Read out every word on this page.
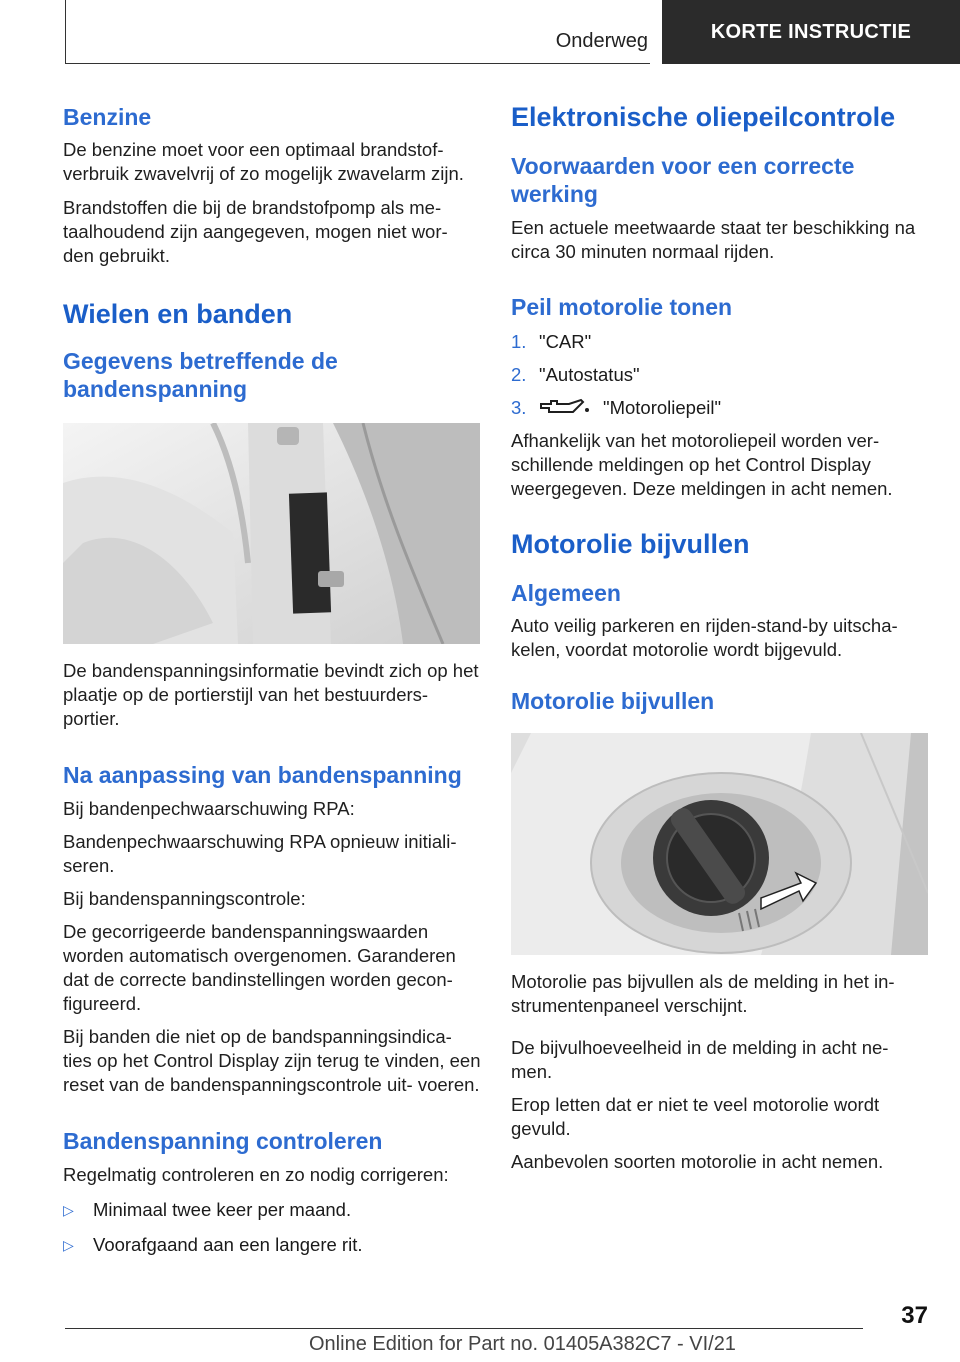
Onderweg	KORTE INSTRUCTIE
Benzine

De benzine moet voor een optimaal brandstof- verbruik zwavelvrij of zo mogelijk zwavelarm zijn.

Brandstoffen die bij de brandstofpomp als me- taalhoudend zijn aangegeven, mogen niet wor- den gebruikt.

Wielen en banden
Gegevens betreffende de bandenspanning

De bandenspanningsinformatie bevindt zich op het plaatje op de portierstijl van het bestuurders- portier.

Na aanpassing van bandenspanning

Bij bandenpechwaarschuwing RPA:

Bandenpechwaarschuwing RPA opnieuw initiali- seren.

Bij bandenspanningscontrole:

De gecorrigeerde bandenspanningswaarden worden automatisch overgenomen. Garanderen dat de correcte bandinstellingen worden gecon- figureerd.

Bij banden die niet op de bandspanningsindica- ties op het Control Display zijn terug te vinden, een reset van de bandenspanningscontrole uit- voeren.

Bandenspanning controleren

Regelmatig controleren en zo nodig corrigeren:

▷	Minimaal twee keer per maand.
▷	Voorafgaand aan een langere rit.
Elektronische oliepeilcontrole
Voorwaarden voor een correcte werking

Een actuele meetwaarde staat ter beschikking na circa 30 minuten normaal rijden.

Peil motorolie tonen
1. "CAR"
2. "Autostatus"
3.	"Motoroliepeil"

Afhankelijk van het motoroliepeil worden ver- schillende meldingen op het Control Display weergegeven. Deze meldingen in acht nemen.

Motorolie bijvullen
Algemeen

Auto veilig parkeren en rijden-stand-by uitscha- kelen, voordat motorolie wordt bijgevuld.

Motorolie bijvullen

Motorolie pas bijvullen als de melding in het in- strumentenpaneel verschijnt.

De bijvulhoeveelheid in de melding in acht ne- men.

Erop letten dat er niet te veel motorolie wordt gevuld.

Aanbevolen soorten motorolie in acht nemen.

37
Online Edition for Part no. 01405A382C7 - VI/21
